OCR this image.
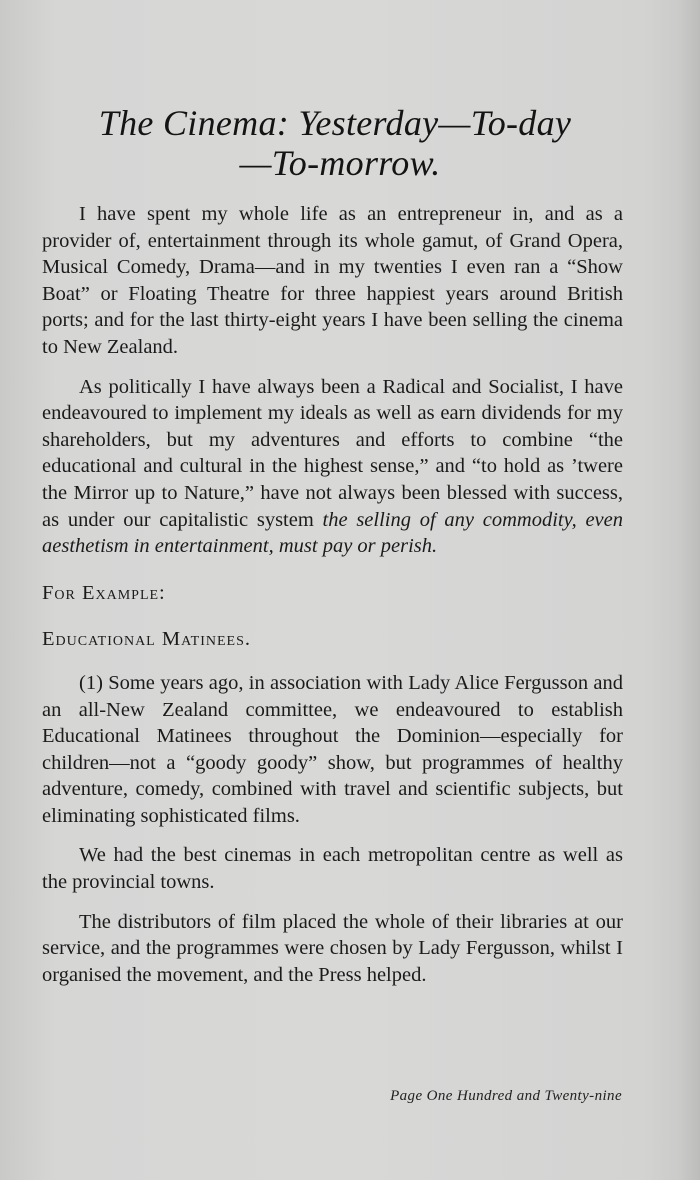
The Cinema: Yesterday—To-day
—To-morrow.

I have spent my whole life as an entrepreneur in, and as a provider of, entertainment through its whole gamut, of Grand Opera, Musical Comedy, Drama—and in my twenties I even ran a “Show Boat” or Floating Theatre for three happiest years around British ports; and for the last thirty-eight years I have been selling the cinema to New Zealand.

As politically I have always been a Radical and Socialist, I have endeavoured to implement my ideals as well as earn dividends for my shareholders, but my adventures and efforts to combine “the educational and cultural in the highest sense,” and “to hold as ’twere the Mirror up to Nature,” have not always been blessed with success, as under our capitalistic system the selling of any commodity, even aesthetism in entertainment, must pay or perish.

For Example:
Educational Matinees.

(1) Some years ago, in association with Lady Alice Fergusson and an all-New Zealand committee, we endeavoured to establish Educational Matinees throughout the Dominion—especially for children—not a “goody goody” show, but programmes of healthy adventure, comedy, combined with travel and scientific subjects, but eliminating sophisticated films.

We had the best cinemas in each metropolitan centre as well as the provincial towns.

The distributors of film placed the whole of their libraries at our service, and the programmes were chosen by Lady Fergusson, whilst I organised the movement, and the Press helped.

Page One Hundred and Twenty-nine
